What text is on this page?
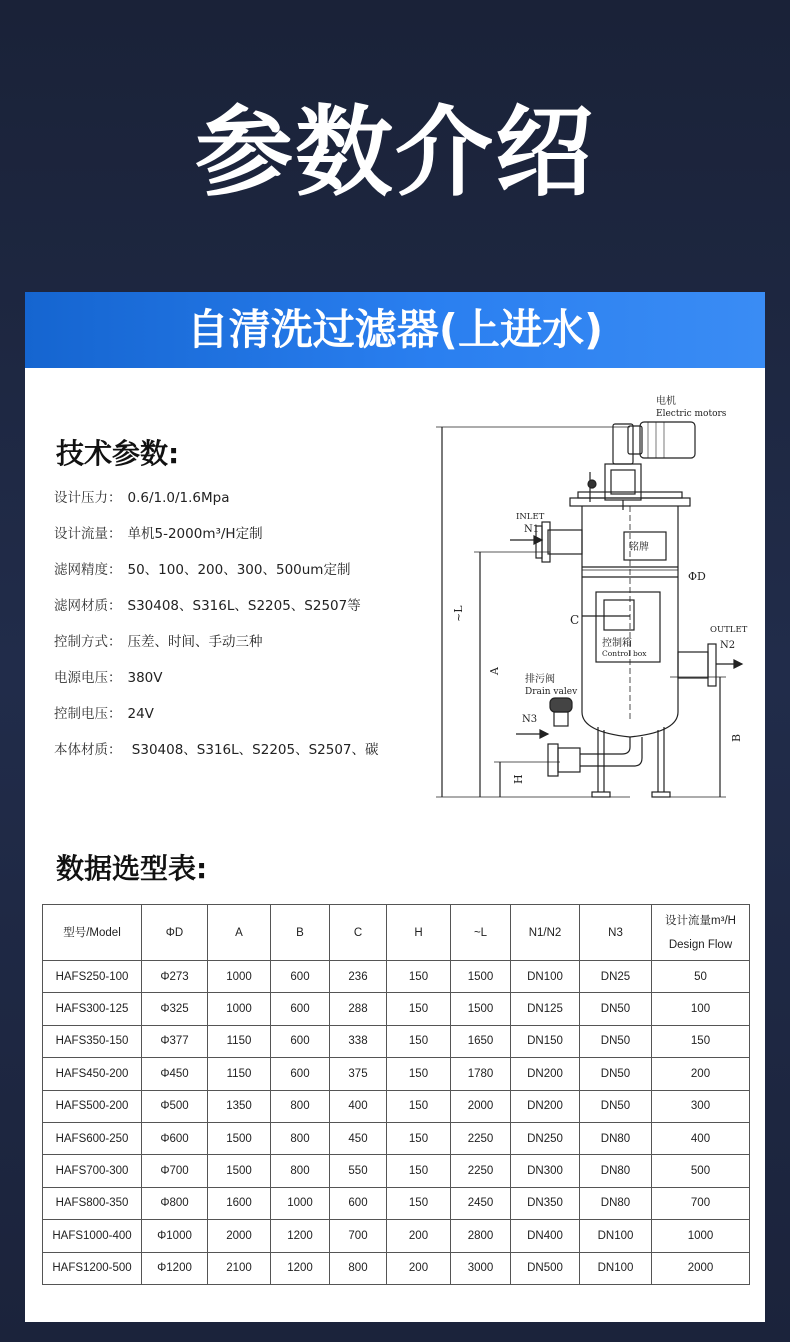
参数介绍
自清洗过滤器(上进水)
技术参数:
设计压力： 0.6/1.0/1.6Mpa
设计流量： 单机5-2000m³/H定制
滤网精度： 50、100、200、300、500um定制
滤网材质： S30408、S316L、S2205、S2507等
控制方式： 压差、时间、手动三种
电源电压： 380V
控制电压： 24V
本体材质： S30408、S316L、S2205、S2507、碳
电机
Electric motors
INLET
N1
铭牌
ΦD
C
控制箱
Control box
OUTLET
N2
排污阀
Drain valev
N3
~L
A
B
H
数据选型表:
型号/Model	ΦD	A	B	C	H	~L	N1/N2	N3	设计流量m³/H
Design Flow

HAFS250-100	Φ273	1000	600	236	150	1500	DN100	DN25	50
HAFS300-125	Φ325	1000	600	288	150	1500	DN125	DN50	100
HAFS350-150	Φ377	1150	600	338	150	1650	DN150	DN50	150
HAFS450-200	Φ450	1150	600	375	150	1780	DN200	DN50	200
HAFS500-200	Φ500	1350	800	400	150	2000	DN200	DN50	300
HAFS600-250	Φ600	1500	800	450	150	2250	DN250	DN80	400
HAFS700-300	Φ700	1500	800	550	150	2250	DN300	DN80	500
HAFS800-350	Φ800	1600	1000	600	150	2450	DN350	DN80	700
HAFS1000-400	Φ1000	2000	1200	700	200	2800	DN400	DN100	1000
HAFS1200-500	Φ1200	2100	1200	800	200	3000	DN500	DN100	2000
